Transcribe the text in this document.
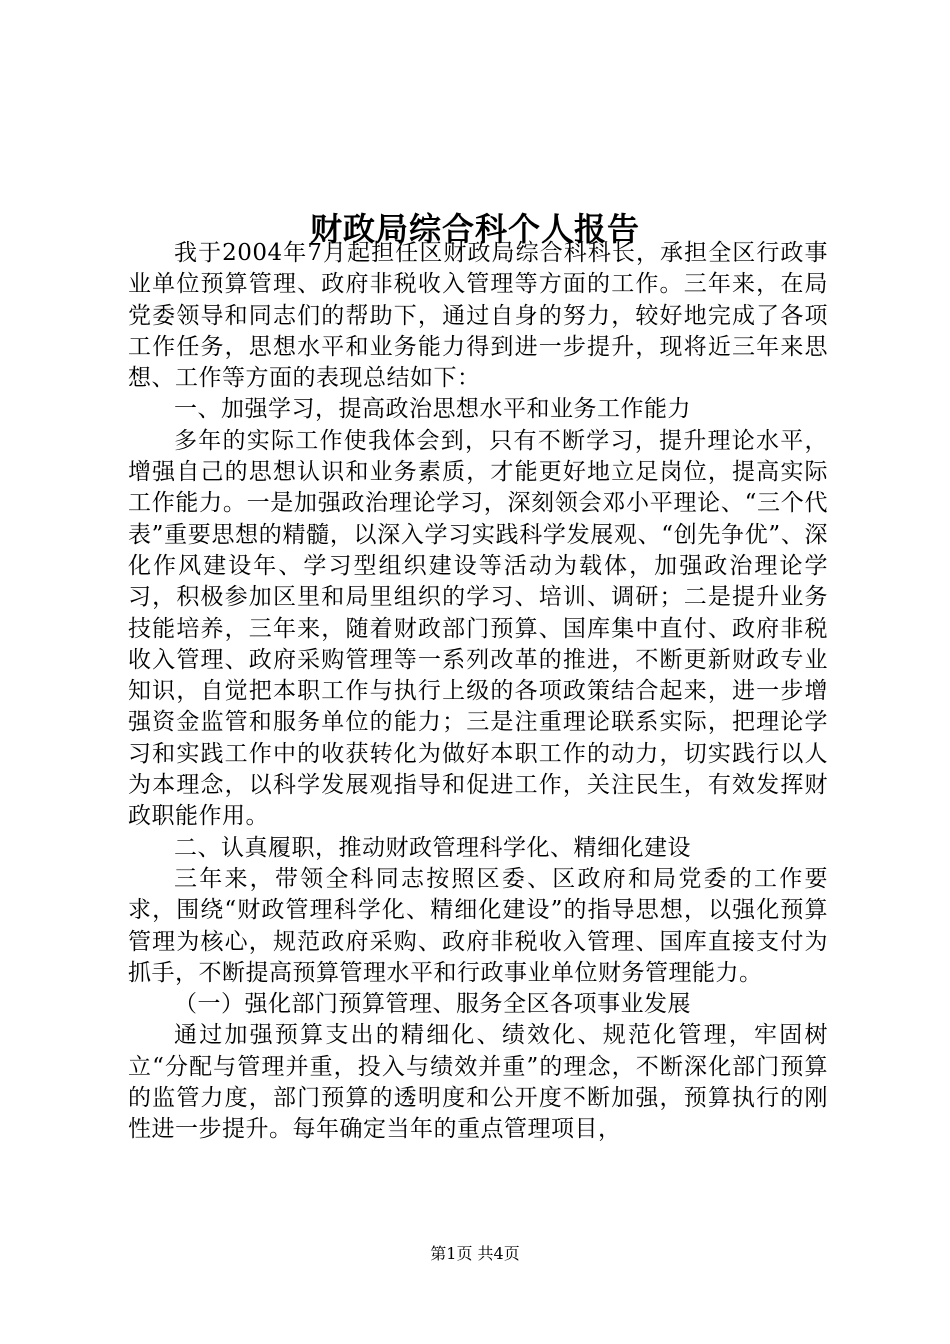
财政局综合科个人报告

我于2004年7月起担任区财政局综合科科长，承担全区行政事业单位预算管理、政府非税收入管理等方面的工作。三年来，在局党委领导和同志们的帮助下，通过自身的努力，较好地完成了各项工作任务，思想水平和业务能力得到进一步提升，现将近三年来思想、工作等方面的表现总结如下：

一、加强学习，提高政治思想水平和业务工作能力

多年的实际工作使我体会到，只有不断学习，提升理论水平，增强自己的思想认识和业务素质，才能更好地立足岗位，提高实际工作能力。一是加强政治理论学习，深刻领会邓小平理论、“三个代表”重要思想的精髓，以深入学习实践科学发展观、“创先争优”、深化作风建设年、学习型组织建设等活动为载体，加强政治理论学习，积极参加区里和局里组织的学习、培训、调研；二是提升业务技能培养，三年来，随着财政部门预算、国库集中直付、政府非税收入管理、政府采购管理等一系列改革的推进，不断更新财政专业知识，自觉把本职工作与执行上级的各项政策结合起来，进一步增强资金监管和服务单位的能力；三是注重理论联系实际，把理论学习和实践工作中的收获转化为做好本职工作的动力，切实践行以人为本理念，以科学发展观指导和促进工作，关注民生，有效发挥财政职能作用。

二、认真履职，推动财政管理科学化、精细化建设

三年来，带领全科同志按照区委、区政府和局党委的工作要求，围绕“财政管理科学化、精细化建设”的指导思想，以强化预算管理为核心，规范政府采购、政府非税收入管理、国库直接支付为抓手，不断提高预算管理水平和行政事业单位财务管理能力。

（一）强化部门预算管理、服务全区各项事业发展

通过加强预算支出的精细化、绩效化、规范化管理，牢固树立“分配与管理并重，投入与绩效并重”的理念，不断深化部门预算的监管力度，部门预算的透明度和公开度不断加强，预算执行的刚性进一步提升。每年确定当年的重点管理项目，

第1页 共4页
